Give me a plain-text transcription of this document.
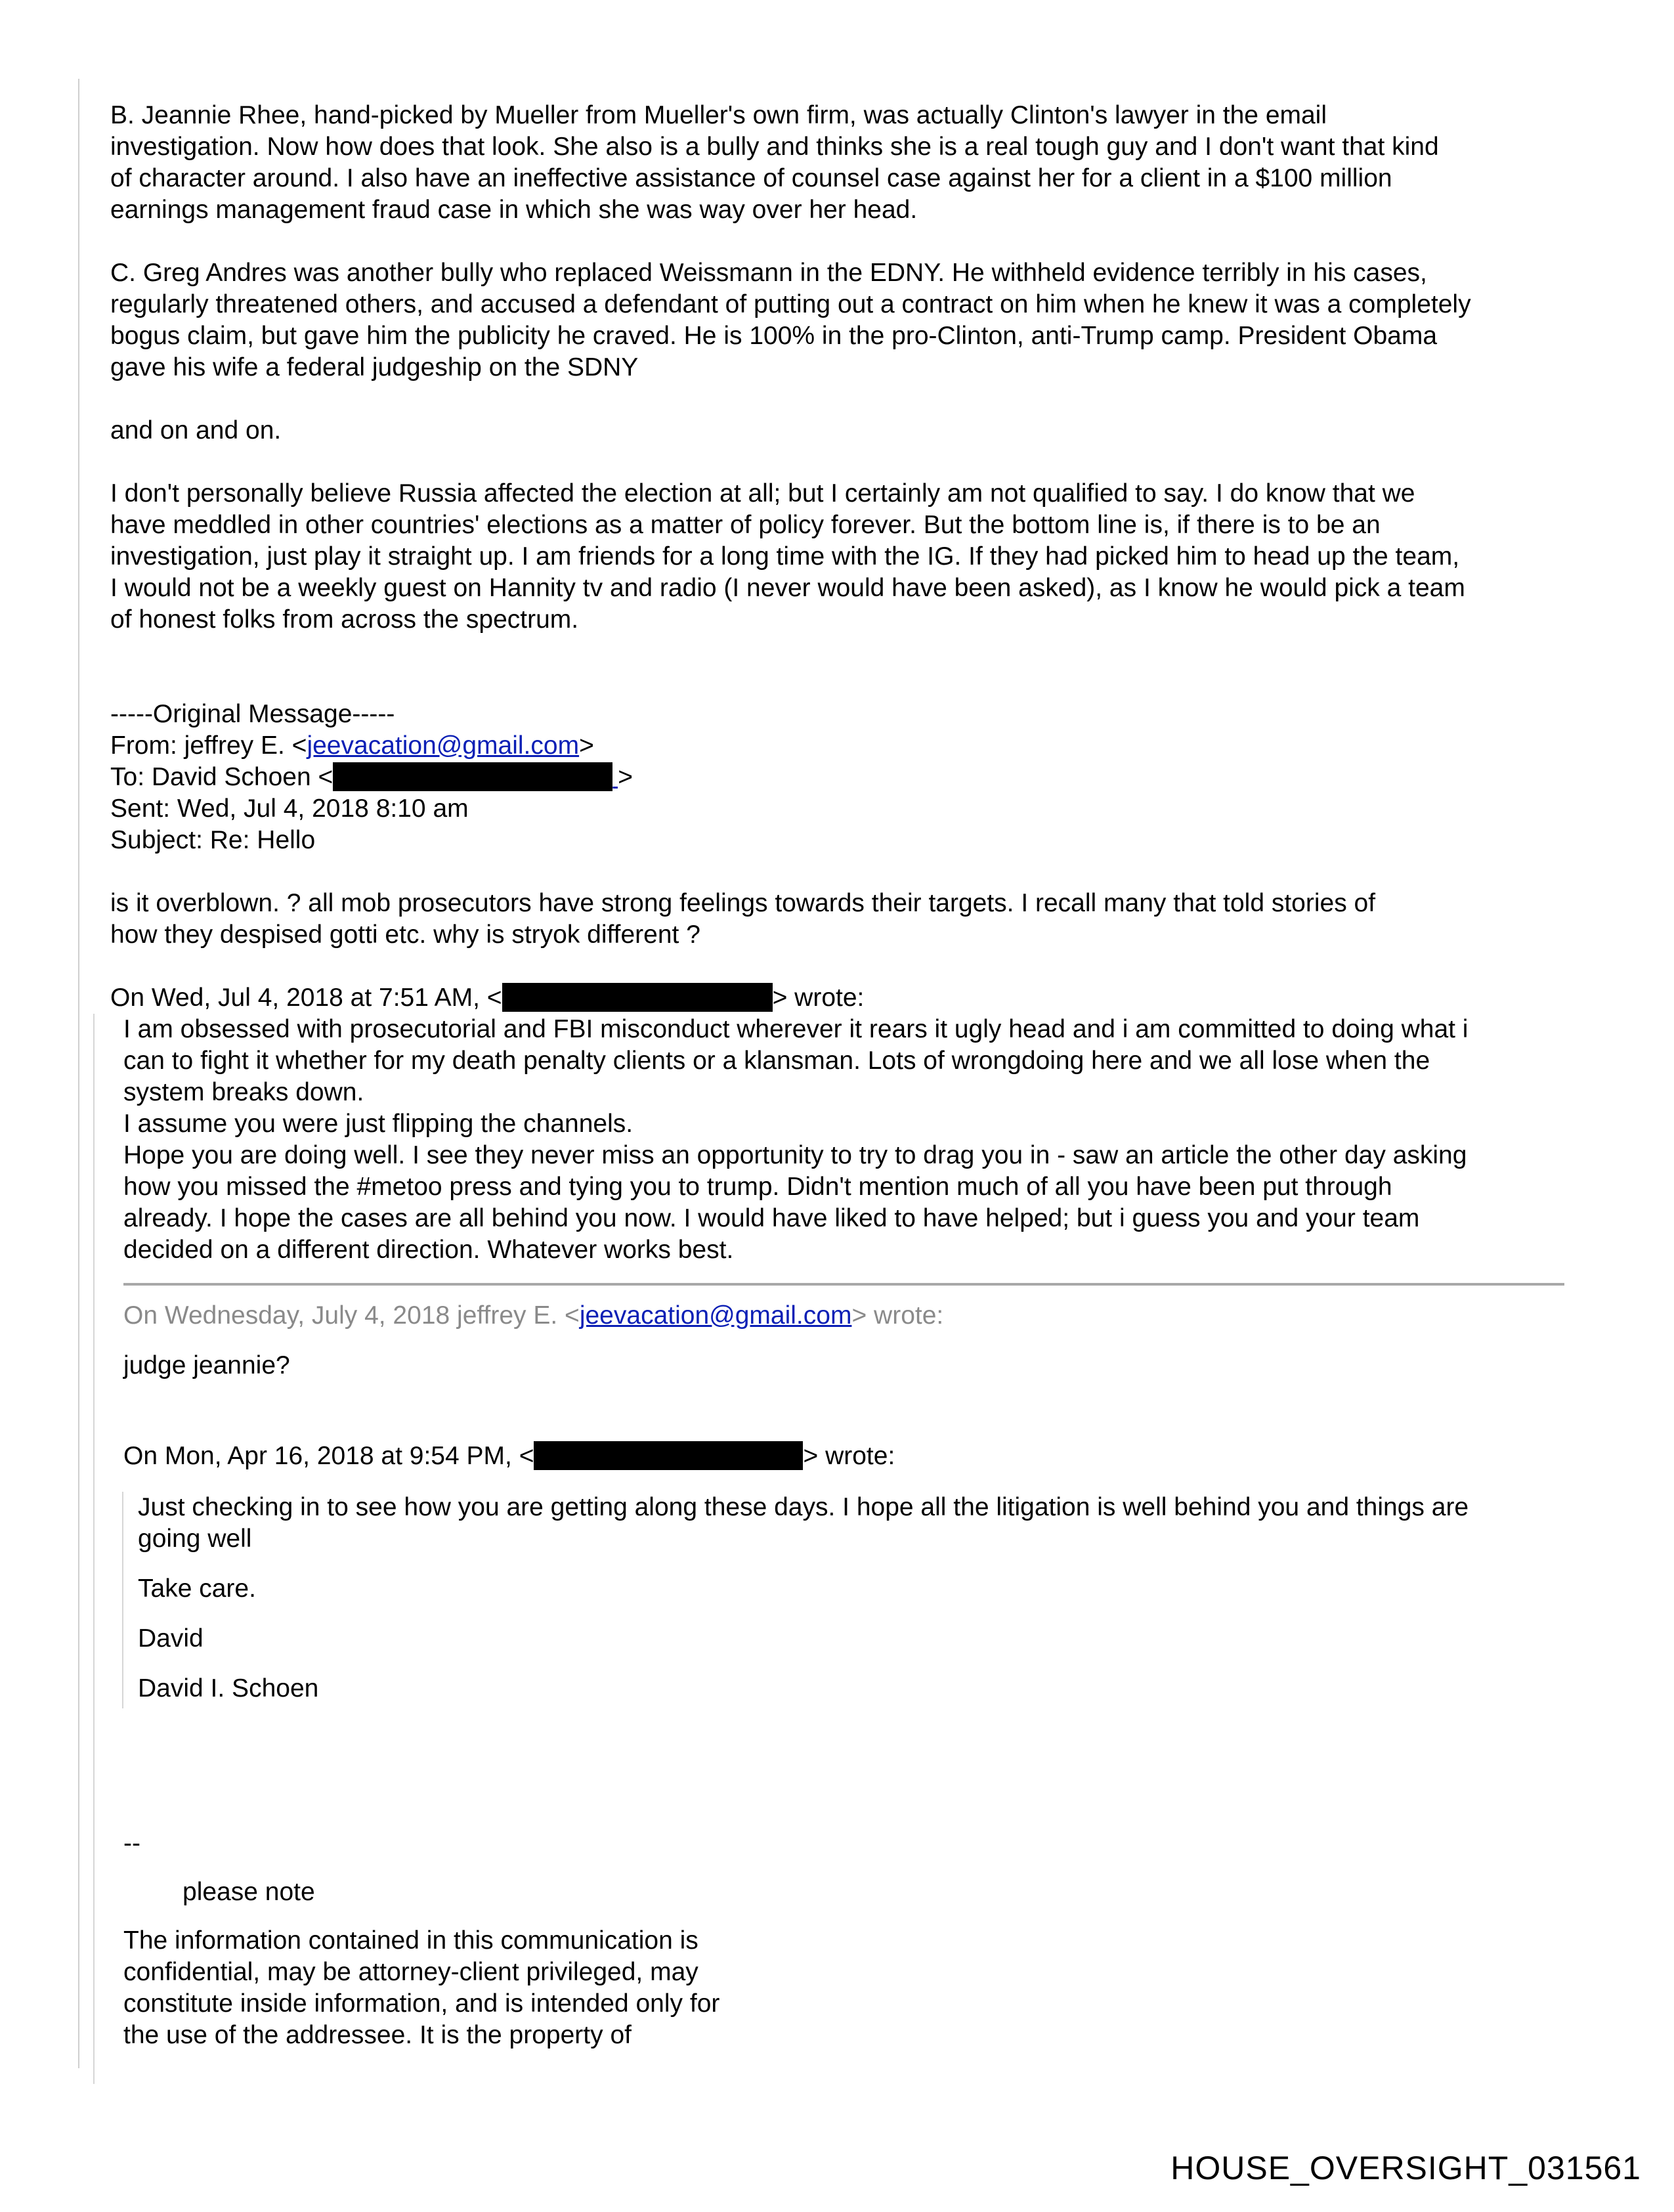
B. Jeannie Rhee, hand-picked by Mueller from Mueller's own firm, was actually Clinton's lawyer in the email

investigation. Now how does that look. She also is a bully and thinks she is a real tough guy and I don't want that kind

of character around. I also have an ineffective assistance of counsel case against her for a client in a $100 million

earnings management fraud case in which she was way over her head.

C. Greg Andres was another bully who replaced Weissmann in the EDNY. He withheld evidence terribly in his cases,

regularly threatened others, and accused a defendant of putting out a contract on him when he knew it was a completely

bogus claim, but gave him the publicity he craved. He is 100% in the pro-Clinton, anti-Trump camp. President Obama

gave his wife a federal judgeship on the SDNY

and on and on.

I don't personally believe Russia affected the election at all; but I certainly am not qualified to say. I do know that we

have meddled in other countries' elections as a matter of policy forever. But the bottom line is, if there is to be an

investigation, just play it straight up. I am friends for a long time with the IG. If they had picked him to head up the team,

I would not be a weekly guest on Hannity tv and radio (I never would have been asked), as I know he would pick a team

of honest folks from across the spectrum.

-----Original Message-----

From: jeffrey E. <jeevacation@gmail.com>

To: David Schoen <	>

Sent: Wed, Jul 4, 2018 8:10 am

Subject: Re: Hello

is it overblown. ? all mob prosecutors have strong feelings towards their targets. I recall many that told stories of

how they despised gotti etc. why is stryok different ?

On Wed, Jul 4, 2018 at 7:51 AM, <	> wrote:

I am obsessed with prosecutorial and FBI misconduct wherever it rears it ugly head and i am committed to doing what i

can to fight it whether for my death penalty clients or a klansman. Lots of wrongdoing here and we all lose when the

system breaks down.

I assume you were just flipping the channels.

Hope you are doing well. I see they never miss an opportunity to try to drag you in - saw an article the other day asking

how you missed the #metoo press and tying you to trump. Didn't mention much of all you have been put through

already. I hope the cases are all behind you now. I would have liked to have helped; but i guess you and your team

decided on a different direction. Whatever works best.

On Wednesday, July 4, 2018 jeffrey E. <jeevacation@gmail.com> wrote:

judge jeannie?

On Mon, Apr 16, 2018 at 9:54 PM, <	> wrote:

Just checking in to see how you are getting along these days. I hope all the litigation is well behind you and things are
going well

Take care.

David

David I. Schoen

--

please note

The information contained in this communication is

confidential, may be attorney-client privileged, may

constitute inside information, and is intended only for

the use of the addressee. It is the property of

HOUSE_OVERSIGHT_031561
